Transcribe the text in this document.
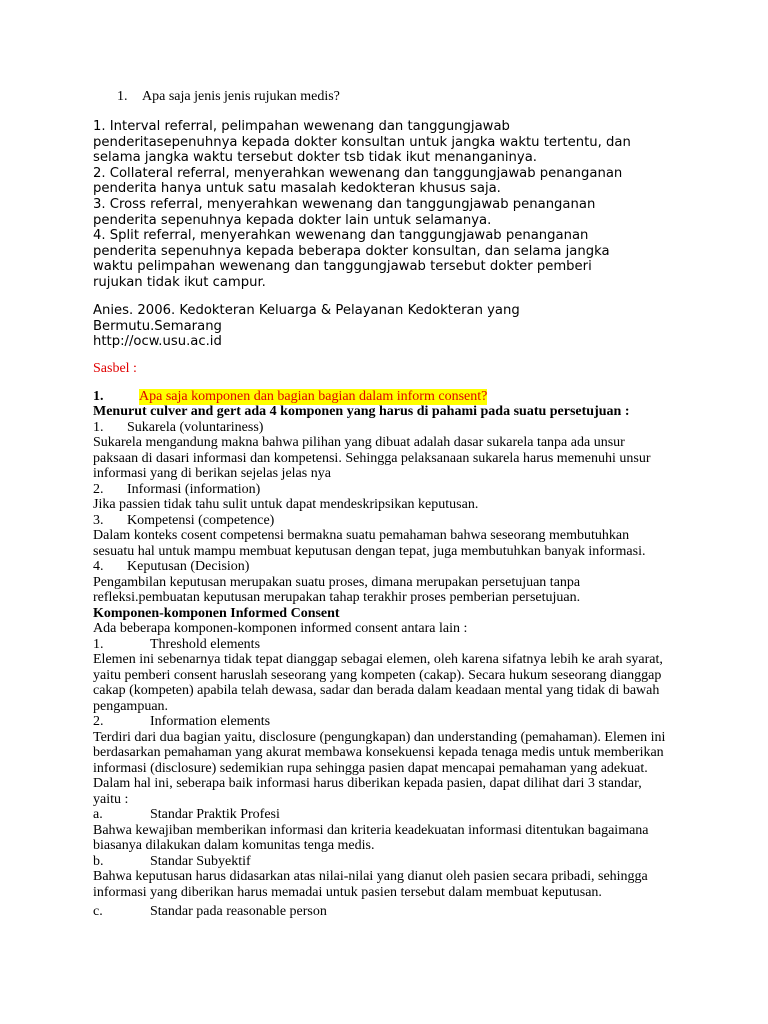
1. Apa saja jenis jenis rujukan medis?
1. Interval referral, pelimpahan wewenang dan tanggungjawab
penderitasepenuhnya kepada dokter konsultan untuk jangka waktu tertentu, dan
selama jangka waktu tersebut dokter tsb tidak ikut menanganinya.
2. Collateral referral, menyerahkan wewenang dan tanggungjawab penanganan
penderita hanya untuk satu masalah kedokteran khusus saja.
3. Cross referral, menyerahkan wewenang dan tanggungjawab penanganan
penderita sepenuhnya kepada dokter lain untuk selamanya.
4. Split referral, menyerahkan wewenang dan tanggungjawab penanganan
penderita sepenuhnya kepada beberapa dokter konsultan, dan selama jangka
waktu pelimpahan wewenang dan tanggungjawab tersebut dokter pemberi
rujukan tidak ikut campur.
Anies. 2006. Kedokteran Keluarga & Pelayanan Kedokteran yang
Bermutu.Semarang
http://ocw.usu.ac.id
Sasbel :
1.	Apa saja komponen dan bagian bagian dalam inform consent?
Menurut culver and gert ada 4 komponen yang harus di pahami pada suatu persetujuan :
1.	Sukarela (voluntariness)
Sukarela mengandung makna bahwa pilihan yang dibuat adalah dasar sukarela tanpa ada unsur
paksaan di dasari informasi dan kompetensi. Sehingga pelaksanaan sukarela harus memenuhi unsur
informasi yang di berikan sejelas jelas nya
2.	Informasi (information)
Jika passien tidak tahu sulit untuk dapat mendeskripsikan keputusan.
3.	Kompetensi (competence)
Dalam konteks cosent competensi bermakna suatu pemahaman bahwa seseorang membutuhkan
sesuatu hal untuk mampu membuat keputusan dengan tepat, juga membutuhkan banyak informasi.
4.	Keputusan (Decision)
Pengambilan keputusan merupakan suatu proses, dimana merupakan persetujuan tanpa
refleksi.pembuatan keputusan merupakan tahap terakhir proses pemberian persetujuan.
Komponen-komponen Informed Consent
Ada beberapa komponen-komponen informed consent antara lain :
1.	Threshold elements
Elemen ini sebenarnya tidak tepat dianggap sebagai elemen, oleh karena sifatnya lebih ke arah syarat,
yaitu pemberi consent haruslah seseorang yang kompeten (cakap). Secara hukum seseorang dianggap
cakap (kompeten) apabila telah dewasa, sadar dan berada dalam keadaan mental yang tidak di bawah
pengampuan.
2.	Information elements
Terdiri dari dua bagian yaitu, disclosure (pengungkapan) dan understanding (pemahaman). Elemen ini
berdasarkan pemahaman yang akurat membawa konsekuensi kepada tenaga medis untuk memberikan
informasi (disclosure) sedemikian rupa sehingga pasien dapat mencapai pemahaman yang adekuat.
Dalam hal ini, seberapa baik informasi harus diberikan kepada pasien, dapat dilihat dari 3 standar,
yaitu :
a.	Standar Praktik Profesi
Bahwa kewajiban memberikan informasi dan kriteria keadekuatan informasi ditentukan bagaimana
biasanya dilakukan dalam komunitas tenga medis.
b.	Standar Subyektif
Bahwa keputusan harus didasarkan atas nilai-nilai yang dianut oleh pasien secara pribadi, sehingga
informasi yang diberikan harus memadai untuk pasien tersebut dalam membuat keputusan.
c.	Standar pada reasonable person
